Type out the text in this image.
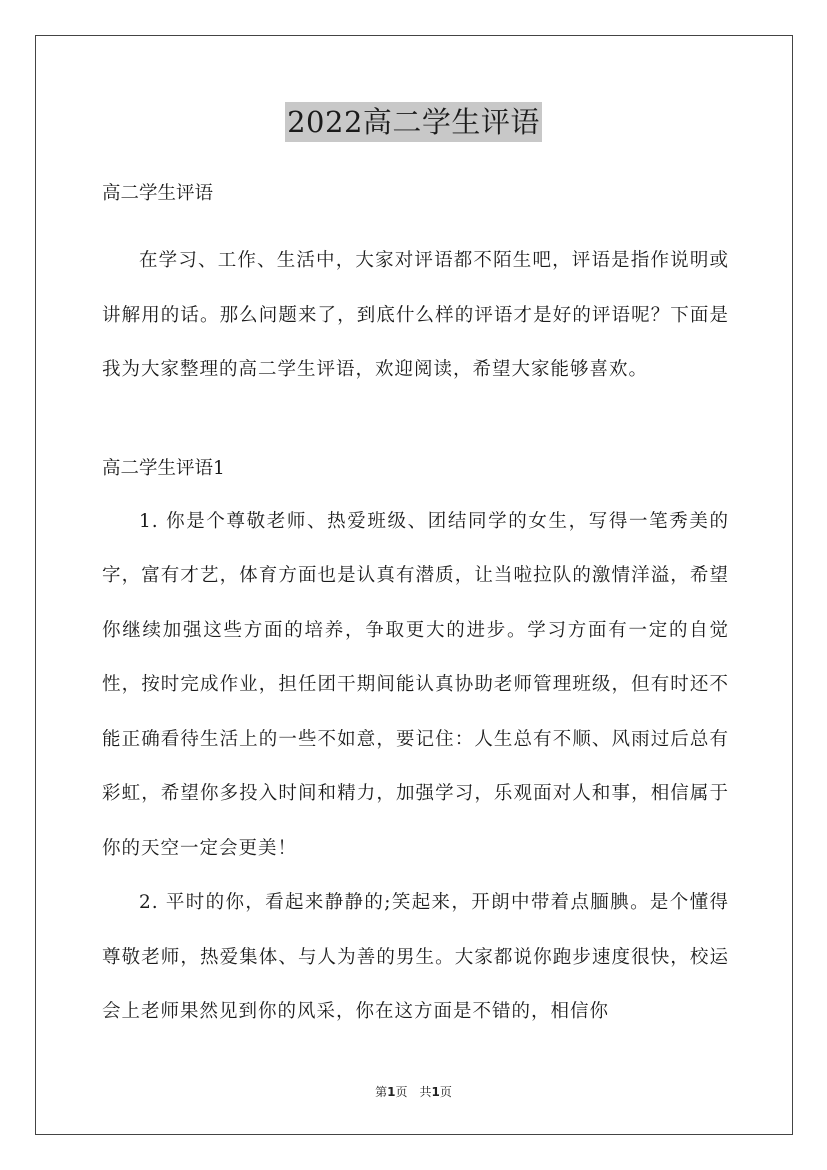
2022高二学生评语

高二学生评语

在学习、工作、生活中，大家对评语都不陌生吧，评语是指作说明或讲解用的话。那么问题来了，到底什么样的评语才是好的评语呢？下面是我为大家整理的高二学生评语，欢迎阅读，希望大家能够喜欢。

高二学生评语1

1. 你是个尊敬老师、热爱班级、团结同学的女生，写得一笔秀美的字，富有才艺，体育方面也是认真有潜质，让当啦拉队的激情洋溢，希望你继续加强这些方面的培养，争取更大的进步。学习方面有一定的自觉性，按时完成作业，担任团干期间能认真协助老师管理班级，但有时还不能正确看待生活上的一些不如意，要记住：人生总有不顺、风雨过后总有彩虹，希望你多投入时间和精力，加强学习，乐观面对人和事，相信属于你的天空一定会更美！

2. 平时的你，看起来静静的;笑起来，开朗中带着点腼腆。是个懂得尊敬老师，热爱集体、与人为善的男生。大家都说你跑步速度很快，校运会上老师果然见到你的风采，你在这方面是不错的，相信你

第1页　共1页
